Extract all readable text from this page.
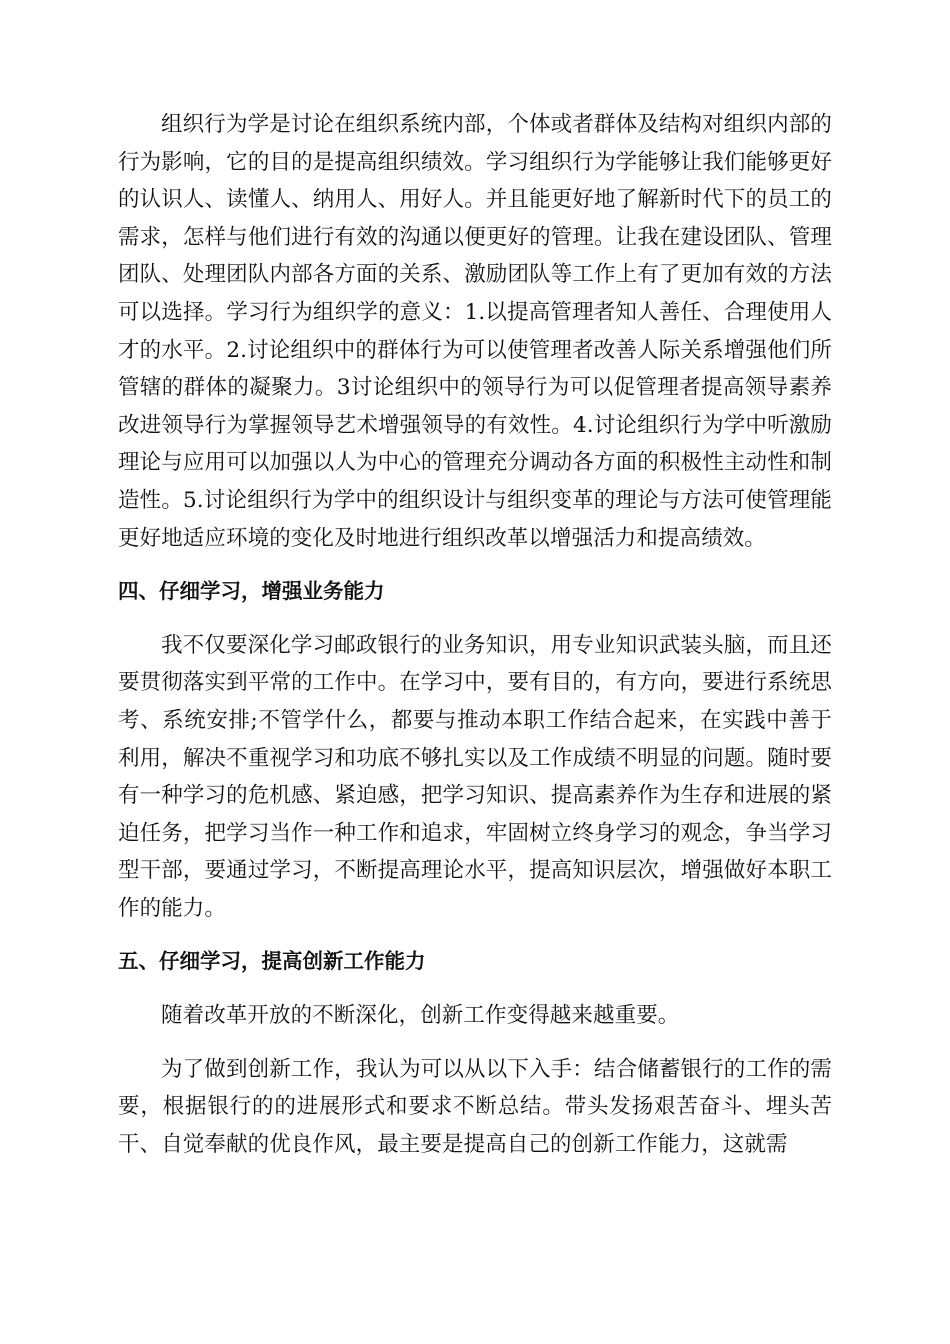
组织行为学是讨论在组织系统内部，个体或者群体及结构对组织内部的行为影响，它的目的是提高组织绩效。学习组织行为学能够让我们能够更好的认识人、读懂人、纳用人、用好人。并且能更好地了解新时代下的员工的需求，怎样与他们进行有效的沟通以便更好的管理。让我在建设团队、管理团队、处理团队内部各方面的关系、激励团队等工作上有了更加有效的方法可以选择。学习行为组织学的意义：1.以提高管理者知人善任、合理使用人才的水平。2.讨论组织中的群体行为可以使管理者改善人际关系增强他们所管辖的群体的凝聚力。3讨论组织中的领导行为可以促管理者提高领导素养改进领导行为掌握领导艺术增强领导的有效性。4.讨论组织行为学中听激励理论与应用可以加强以人为中心的管理充分调动各方面的积极性主动性和制造性。5.讨论组织行为学中的组织设计与组织变革的理论与方法可使管理能更好地适应环境的变化及时地进行组织改革以增强活力和提高绩效。

四、仔细学习，增强业务能力

我不仅要深化学习邮政银行的业务知识，用专业知识武装头脑，而且还要贯彻落实到平常的工作中。在学习中，要有目的，有方向，要进行系统思考、系统安排;不管学什么，都要与推动本职工作结合起来，在实践中善于利用，解决不重视学习和功底不够扎实以及工作成绩不明显的问题。随时要有一种学习的危机感、紧迫感，把学习知识、提高素养作为生存和进展的紧迫任务，把学习当作一种工作和追求，牢固树立终身学习的观念，争当学习型干部，要通过学习，不断提高理论水平，提高知识层次，增强做好本职工作的能力。

五、仔细学习，提高创新工作能力

随着改革开放的不断深化，创新工作变得越来越重要。

为了做到创新工作，我认为可以从以下入手：结合储蓄银行的工作的需要，根据银行的的进展形式和要求不断总结。带头发扬艰苦奋斗、埋头苦干、自觉奉献的优良作风，最主要是提高自己的创新工作能力，这就需
